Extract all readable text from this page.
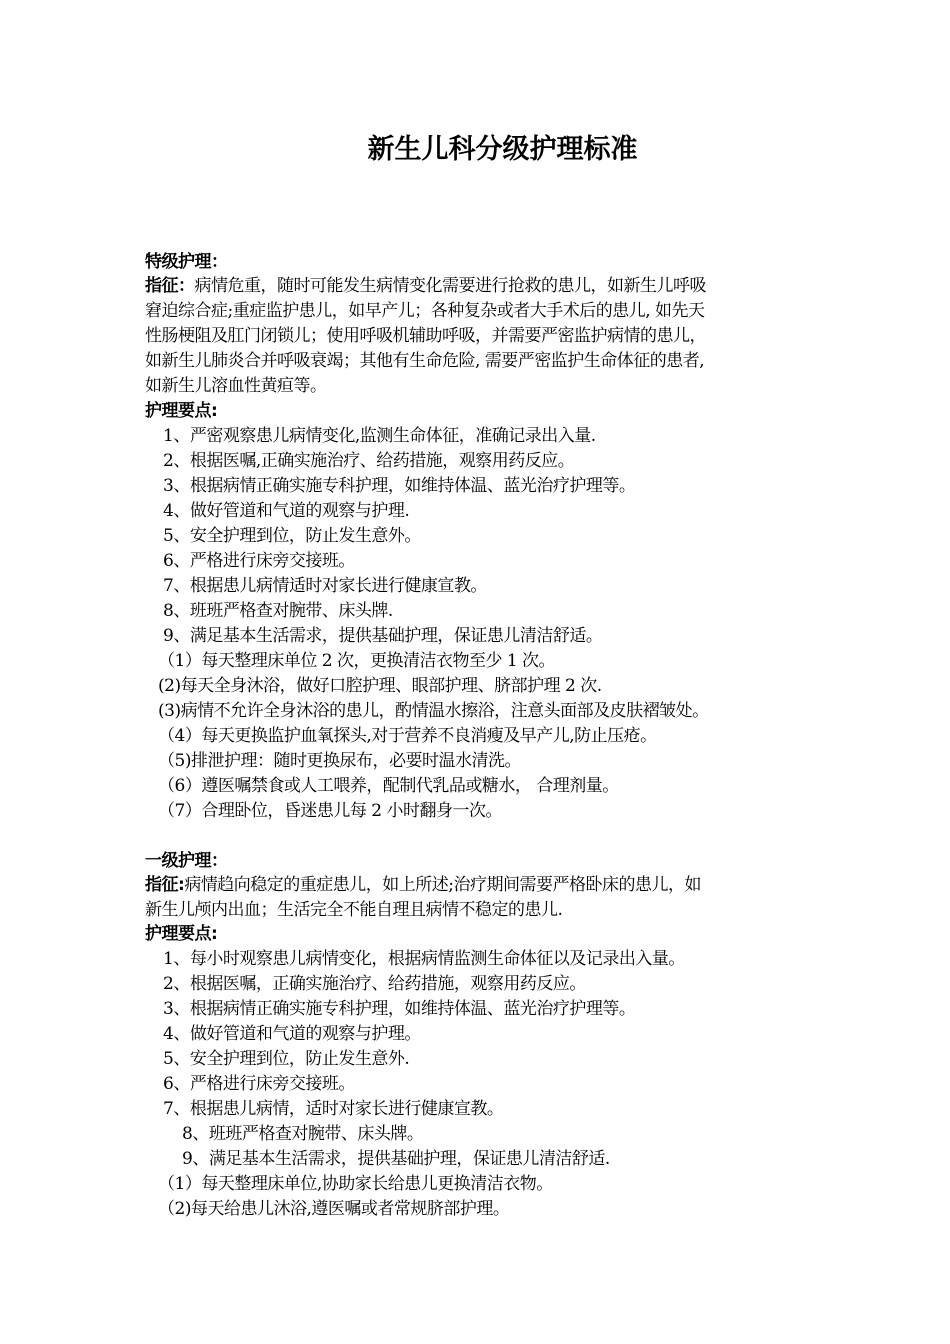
新生儿科分级护理标准
特级护理：
指征：病情危重，随时可能发生病情变化需要进行抢救的患儿，如新生儿呼吸
窘迫综合症;重症监护患儿，如早产儿；各种复杂或者大手术后的患儿, 如先天
性肠梗阻及肛门闭锁儿；使用呼吸机辅助呼吸，并需要严密监护病情的患儿，
如新生儿肺炎合并呼吸衰竭；其他有生命危险, 需要严密监护生命体征的患者,
如新生儿溶血性黄疸等。
护理要点:
1、严密观察患儿病情变化,监测生命体征，准确记录出入量.
2、根据医嘱,正确实施治疗、给药措施，观察用药反应。
3、根据病情正确实施专科护理，如维持体温、蓝光治疗护理等。
4、做好管道和气道的观察与护理.
5、安全护理到位，防止发生意外。
6、严格进行床旁交接班。
7、根据患儿病情适时对家长进行健康宣教。
8、班班严格查对腕带、床头牌.
9、满足基本生活需求，提供基础护理，保证患儿清洁舒适。
（1）每天整理床单位 2 次，更换清洁衣物至少 1 次。
(2)每天全身沐浴，做好口腔护理、眼部护理、脐部护理 2 次.
(3)病情不允许全身沐浴的患儿，酌情温水擦浴，注意头面部及皮肤褶皱处。
（4）每天更换监护血氧探头,对于营养不良消瘦及早产儿,防止压疮。
（5)排泄护理：随时更换尿布，必要时温水清洗。
（6）遵医嘱禁食或人工喂养，配制代乳品或糖水， 合理剂量。
（7）合理卧位，昏迷患儿每 2 小时翻身一次。
一级护理：
指征:病情趋向稳定的重症患儿，如上所述;治疗期间需要严格卧床的患儿，如
新生儿颅内出血；生活完全不能自理且病情不稳定的患儿.
护理要点:
1、每小时观察患儿病情变化，根据病情监测生命体征以及记录出入量。
2、根据医嘱，正确实施治疗、给药措施，观察用药反应。
3、根据病情正确实施专科护理，如维持体温、蓝光治疗护理等。
4、做好管道和气道的观察与护理。
5、安全护理到位，防止发生意外.
6、严格进行床旁交接班。
7、根据患儿病情，适时对家长进行健康宣教。
8、班班严格查对腕带、床头牌。
9、满足基本生活需求，提供基础护理，保证患儿清洁舒适.
（1）每天整理床单位,协助家长给患儿更换清洁衣物。
（2)每天给患儿沐浴,遵医嘱或者常规脐部护理。
